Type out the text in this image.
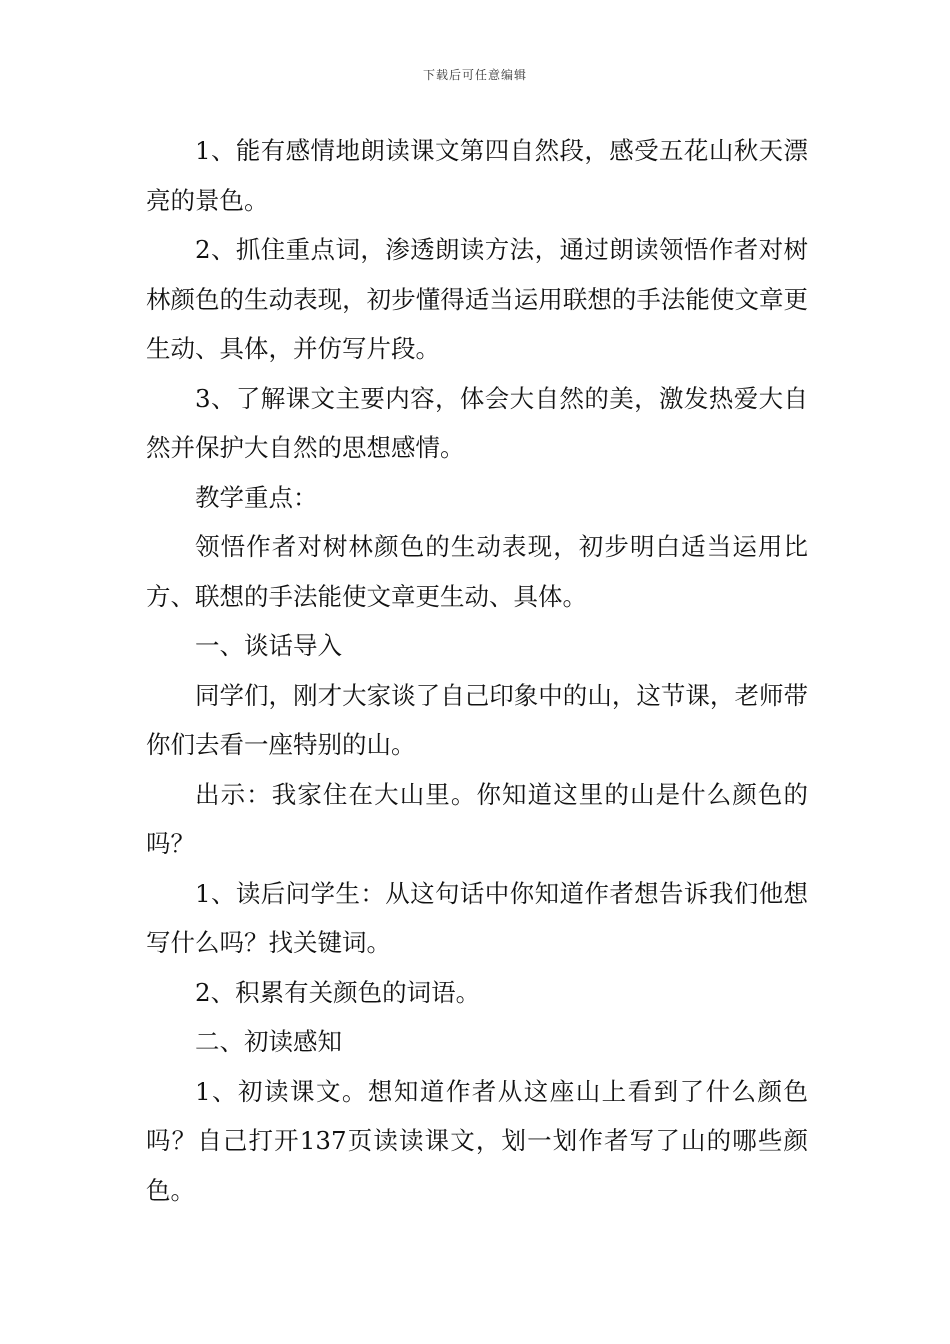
下载后可任意编辑

1、能有感情地朗读课文第四自然段，感受五花山秋天漂亮的景色。

2、抓住重点词，渗透朗读方法，通过朗读领悟作者对树林颜色的生动表现，初步懂得适当运用联想的手法能使文章更生动、具体，并仿写片段。

3、了解课文主要内容，体会大自然的美，激发热爱大自然并保护大自然的思想感情。

教学重点：

领悟作者对树林颜色的生动表现，初步明白适当运用比方、联想的手法能使文章更生动、具体。

一、谈话导入

同学们，刚才大家谈了自己印象中的山，这节课，老师带你们去看一座特别的山。

出示：我家住在大山里。你知道这里的山是什么颜色的吗？

1、读后问学生：从这句话中你知道作者想告诉我们他想写什么吗？找关键词。

2、积累有关颜色的词语。

二、初读感知

1、初读课文。想知道作者从这座山上看到了什么颜色吗？自己打开137页读读课文，划一划作者写了山的哪些颜色。
